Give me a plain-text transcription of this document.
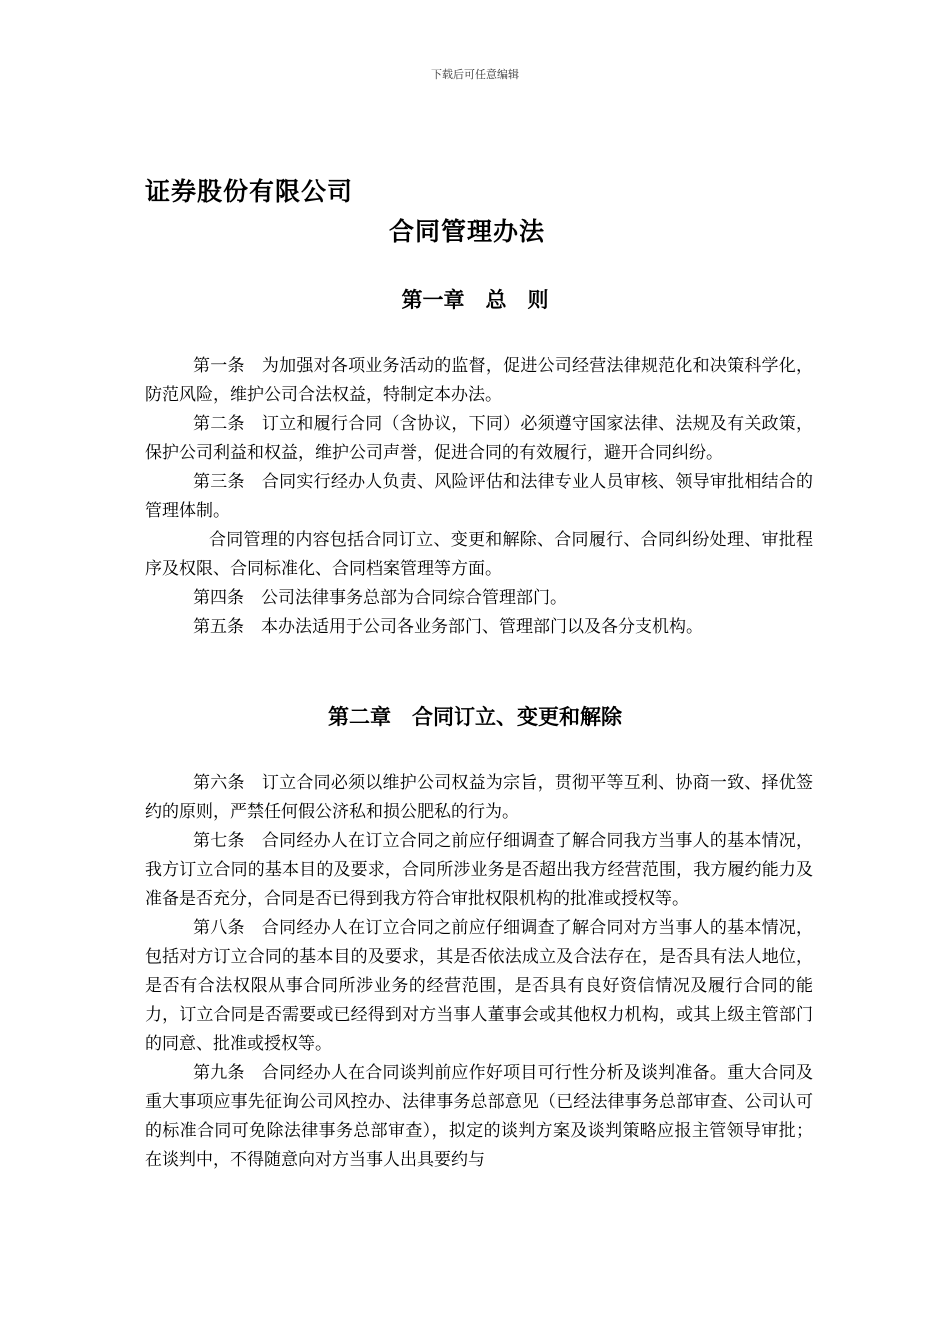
下载后可任意编辑
证券股份有限公司
合同管理办法
第一章　总　则

第一条　 为加强对各项业务活动的监督，促进公司经营法律规范化和决策科学化，防范风险，维护公司合法权益，特制定本办法。

第二条　 订立和履行合同（含协议，下同）必须遵守国家法律、法规及有关政策，保护公司利益和权益，维护公司声誉，促进合同的有效履行，避开合同纠纷。

第三条　 合同实行经办人负责、风险评估和法律专业人员审核、领导审批相结合的管理体制。

合同管理的内容包括合同订立、变更和解除、合同履行、合同纠纷处理、审批程序及权限、合同标准化、合同档案管理等方面。

第四条　 公司法律事务总部为合同综合管理部门。

第五条　 本办法适用于公司各业务部门、管理部门以及各分支机构。

第二章　合同订立、变更和解除

第六条　 订立合同必须以维护公司权益为宗旨，贯彻平等互利、协商一致、择优签约的原则，严禁任何假公济私和损公肥私的行为。

第七条　 合同经办人在订立合同之前应仔细调查了解合同我方当事人的基本情况，我方订立合同的基本目的及要求，合同所涉业务是否超出我方经营范围，我方履约能力及准备是否充分，合同是否已得到我方符合审批权限机构的批准或授权等。

第八条　 合同经办人在订立合同之前应仔细调查了解合同对方当事人的基本情况，包括对方订立合同的基本目的及要求，其是否依法成立及合法存在，是否具有法人地位，是否有合法权限从事合同所涉业务的经营范围，是否具有良好资信情况及履行合同的能力，订立合同是否需要或已经得到对方当事人董事会或其他权力机构，或其上级主管部门的同意、批准或授权等。

第九条　 合同经办人在合同谈判前应作好项目可行性分析及谈判准备。重大合同及重大事项应事先征询公司风控办、法律事务总部意见（已经法律事务总部审查、公司认可的标准合同可免除法律事务总部审查），拟定的谈判方案及谈判策略应报主管领导审批；在谈判中，不得随意向对方当事人出具要约与
